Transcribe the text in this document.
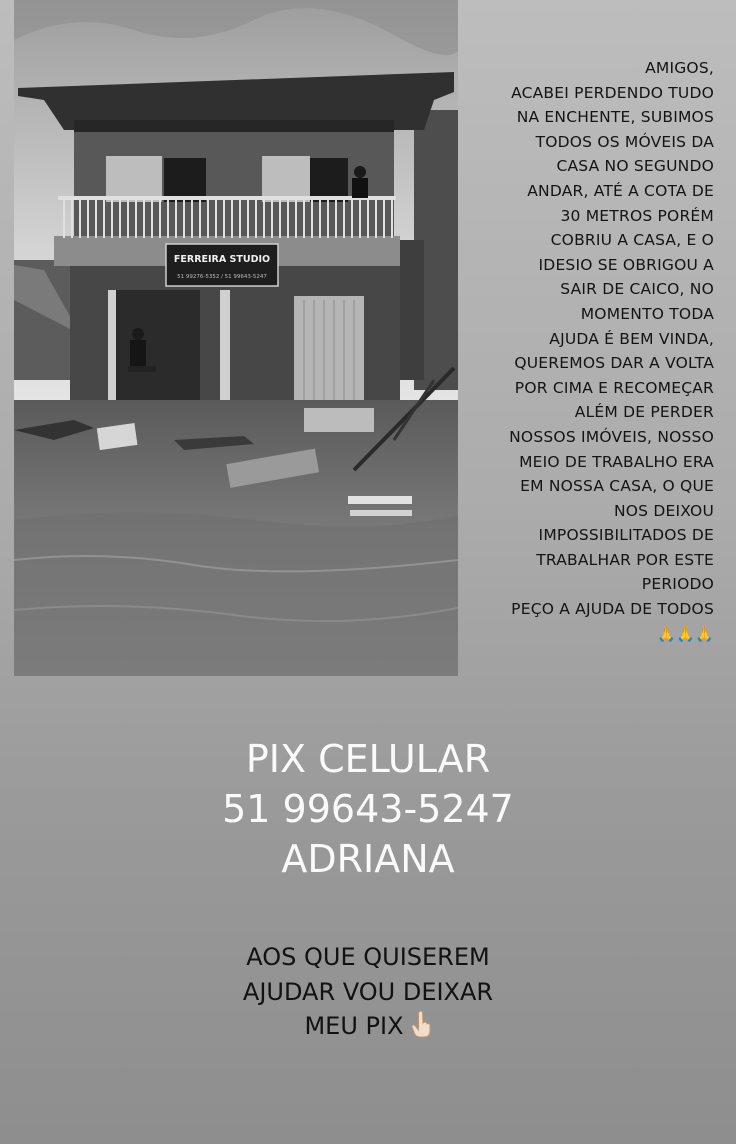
FERREIRA STUDIO
51 99276-5352 / 51 99643-5247
AMIGOS,
ACABEI PERDENDO TUDO
NA ENCHENTE, SUBIMOS
TODOS OS MÓVEIS DA
CASA NO SEGUNDO
ANDAR, ATÉ A COTA DE
30 METROS PORÉM
COBRIU A CASA, E O
IDESIO SE OBRIGOU A
SAIR DE CAICO, NO
MOMENTO TODA
AJUDA É BEM VINDA,
QUEREMOS DAR A VOLTA
POR CIMA E RECOMEÇAR
ALÉM DE PERDER
NOSSOS IMÓVEIS, NOSSO
MEIO DE TRABALHO ERA
EM NOSSA CASA, O QUE
NOS DEIXOU
IMPOSSIBILITADOS DE
TRABALHAR POR ESTE
PERIODO
PEÇO A AJUDA DE TODOS
🙏🙏🙏
PIX CELULAR
51 99643-5247
ADRIANA
AOS QUE QUISEREM
AJUDAR VOU DEIXAR
MEU PIX
